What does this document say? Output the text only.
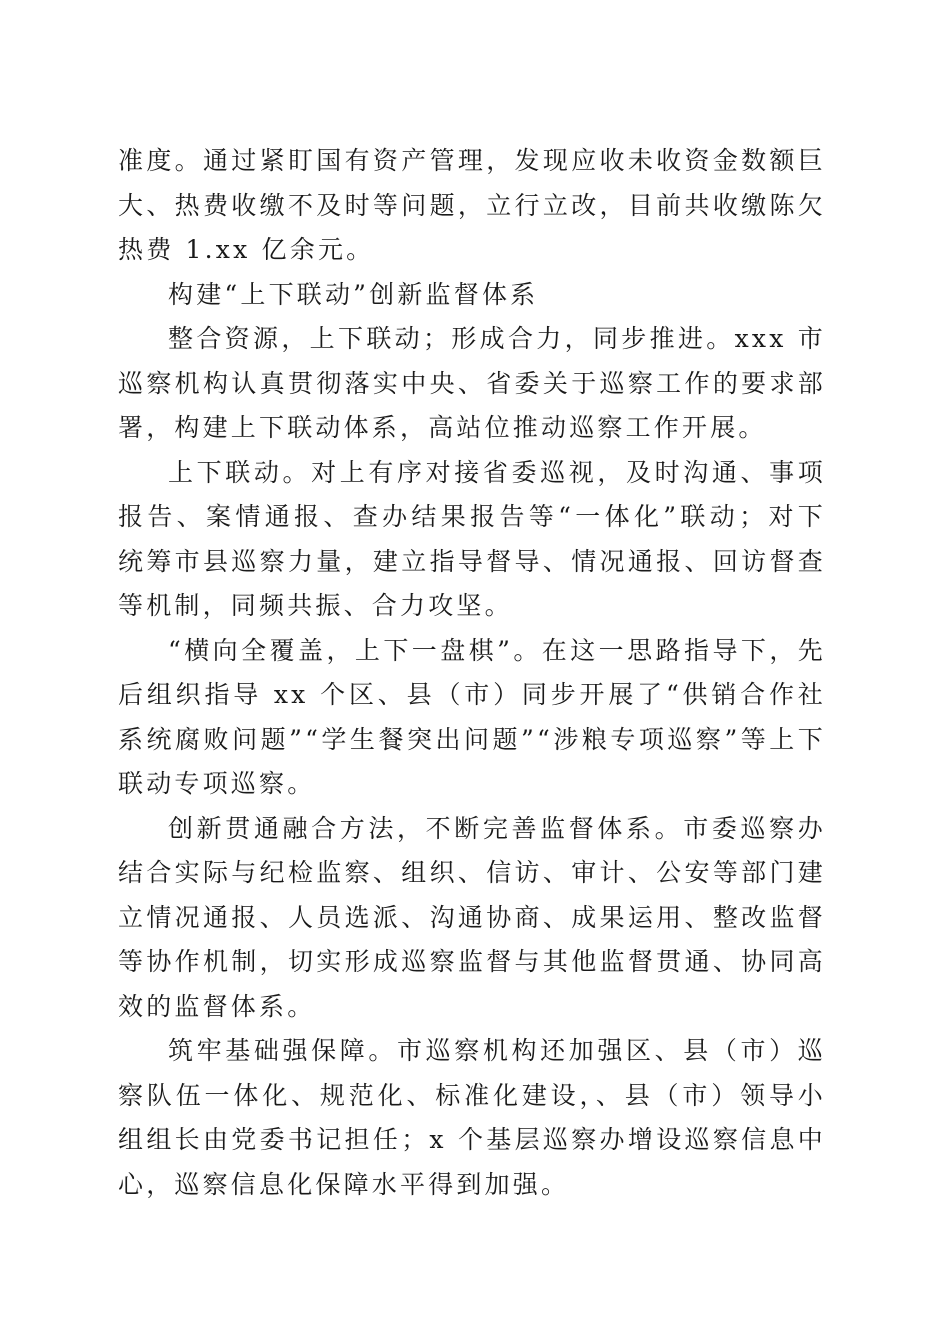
准度。通过紧盯国有资产管理，发现应收未收资金数额巨大、热费收缴不及时等问题，立行立改，目前共收缴陈欠热费 1.xx 亿余元。

构建“上下联动”创新监督体系

整合资源，上下联动；形成合力，同步推进。xxx 市巡察机构认真贯彻落实中央、省委关于巡察工作的要求部署，构建上下联动体系，高站位推动巡察工作开展。

上下联动。对上有序对接省委巡视，及时沟通、事项报告、案情通报、查办结果报告等“一体化”联动；对下统筹市县巡察力量，建立指导督导、情况通报、回访督查等机制，同频共振、合力攻坚。

“横向全覆盖，上下一盘棋”。在这一思路指导下，先后组织指导 xx 个区、县（市）同步开展了“供销合作社系统腐败问题”“学生餐突出问题”“涉粮专项巡察”等上下联动专项巡察。

创新贯通融合方法，不断完善监督体系。市委巡察办结合实际与纪检监察、组织、信访、审计、公安等部门建立情况通报、人员选派、沟通协商、成果运用、整改监督等协作机制，切实形成巡察监督与其他监督贯通、协同高效的监督体系。

筑牢基础强保障。市巡察机构还加强区、县（市）巡察队伍一体化、规范化、标准化建设，、县（市）领导小组组长由党委书记担任；x 个基层巡察办增设巡察信息中心，巡察信息化保障水平得到加强。
